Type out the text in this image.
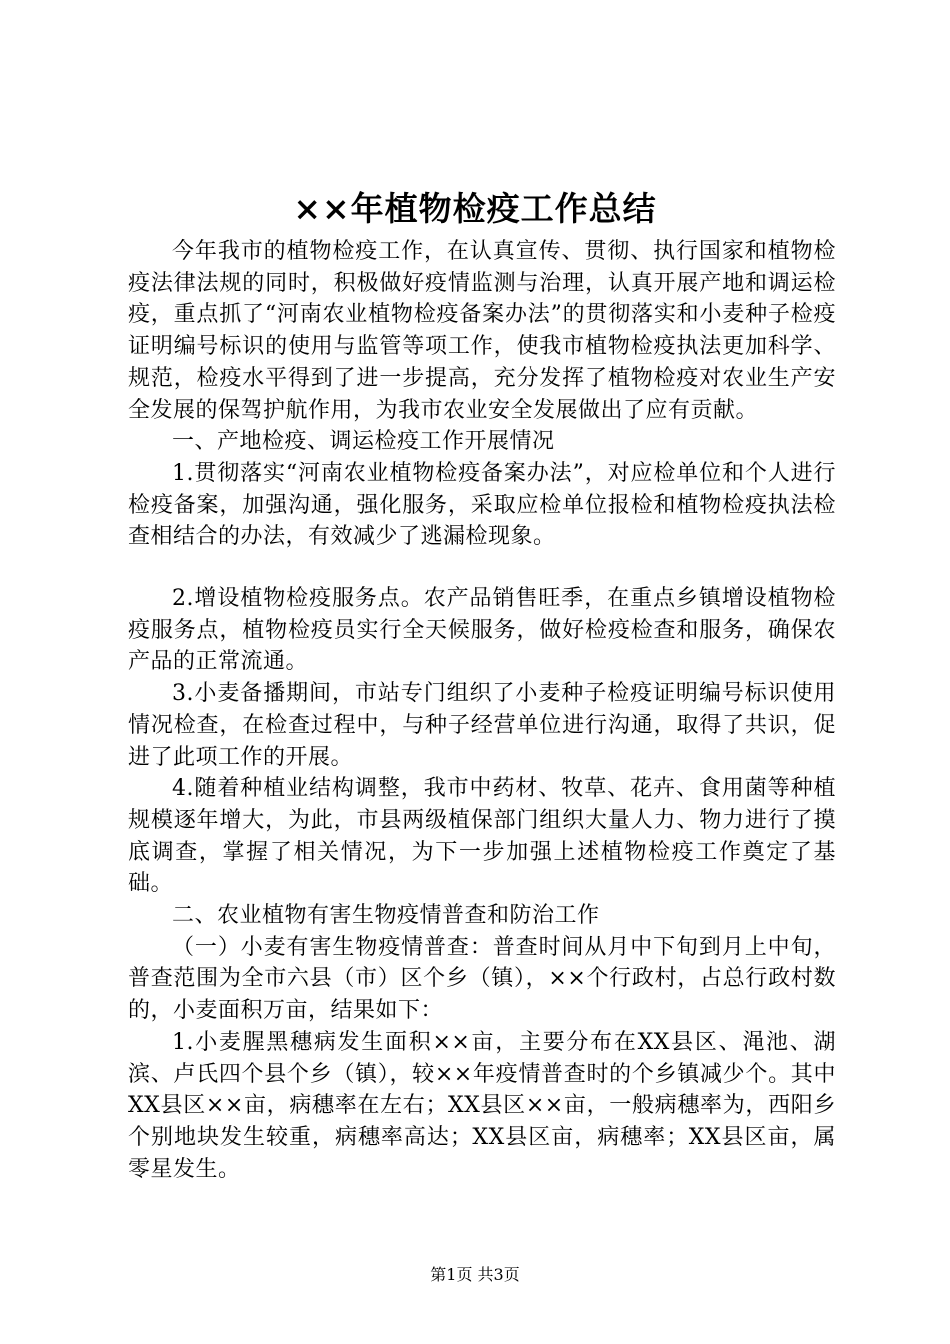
××年植物检疫工作总结

今年我市的植物检疫工作，在认真宣传、贯彻、执行国家和植物检疫法律法规的同时，积极做好疫情监测与治理，认真开展产地和调运检疫，重点抓了“河南农业植物检疫备案办法”的贯彻落实和小麦种子检疫证明编号标识的使用与监管等项工作，使我市植物检疫执法更加科学、规范，检疫水平得到了进一步提高，充分发挥了植物检疫对农业生产安全发展的保驾护航作用，为我市农业安全发展做出了应有贡献。

一、产地检疫、调运检疫工作开展情况

1.贯彻落实“河南农业植物检疫备案办法”，对应检单位和个人进行检疫备案，加强沟通，强化服务，采取应检单位报检和植物检疫执法检查相结合的办法，有效减少了逃漏检现象。

2.增设植物检疫服务点。农产品销售旺季，在重点乡镇增设植物检疫服务点，植物检疫员实行全天候服务，做好检疫检查和服务，确保农产品的正常流通。

3.小麦备播期间，市站专门组织了小麦种子检疫证明编号标识使用情况检查，在检查过程中，与种子经营单位进行沟通，取得了共识，促进了此项工作的开展。

4.随着种植业结构调整，我市中药材、牧草、花卉、食用菌等种植规模逐年增大，为此，市县两级植保部门组织大量人力、物力进行了摸底调查，掌握了相关情况，为下一步加强上述植物检疫工作奠定了基础。

二、农业植物有害生物疫情普查和防治工作

（一）小麦有害生物疫情普查：普查时间从月中下旬到月上中旬，普查范围为全市六县（市）区个乡（镇），××个行政村，占总行政村数的，小麦面积万亩，结果如下：

1.小麦腥黑穗病发生面积××亩，主要分布在XX县区、渑池、湖滨、卢氏四个县个乡（镇），较××年疫情普查时的个乡镇减少个。其中XX县区××亩，病穗率在左右；XX县区××亩，一般病穗率为，西阳乡个别地块发生较重，病穗率高达；XX县区亩，病穗率；XX县区亩，属零星发生。

第1页 共3页
